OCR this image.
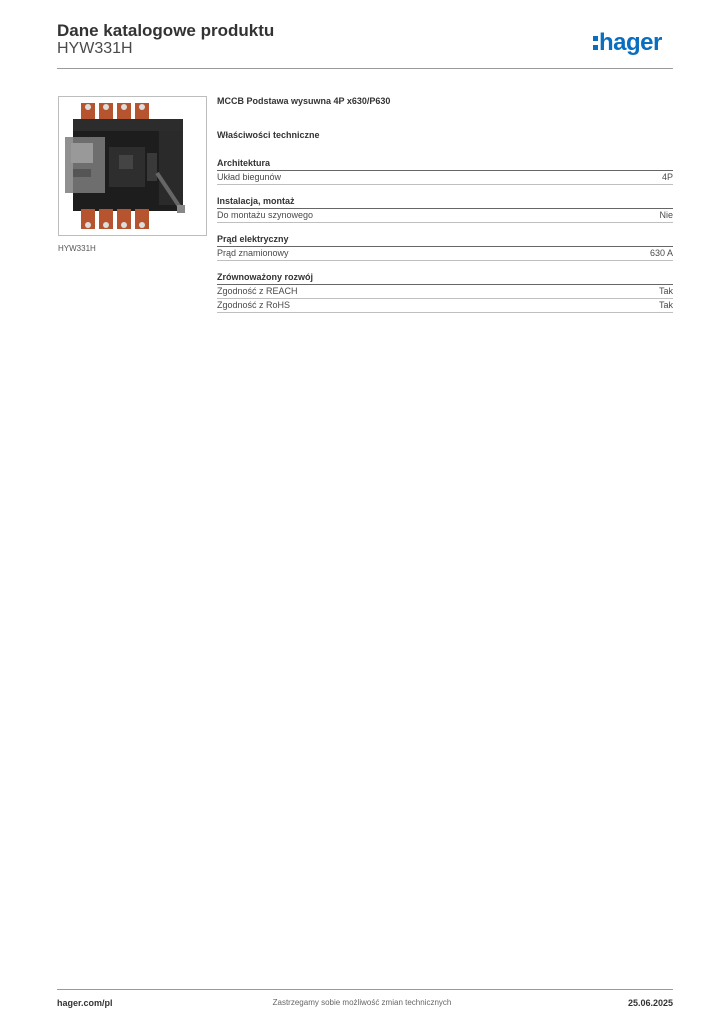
Dane katalogowe produktu
HYW331H	hager
HYW331H
MCCB Podstawa wysuwna 4P x630/P630
Właściwości techniczne
Architektura
Układ biegunów	4P
Instalacja, montaż
Do montażu szynowego	Nie
Prąd elektryczny
Prąd znamionowy	630 A
Zrównoważony rozwój
Zgodność z REACH	Tak
Zgodność z RoHS	Tak
hager.com/pl	Zastrzegamy sobie możliwość zmian technicznych	25.06.2025
